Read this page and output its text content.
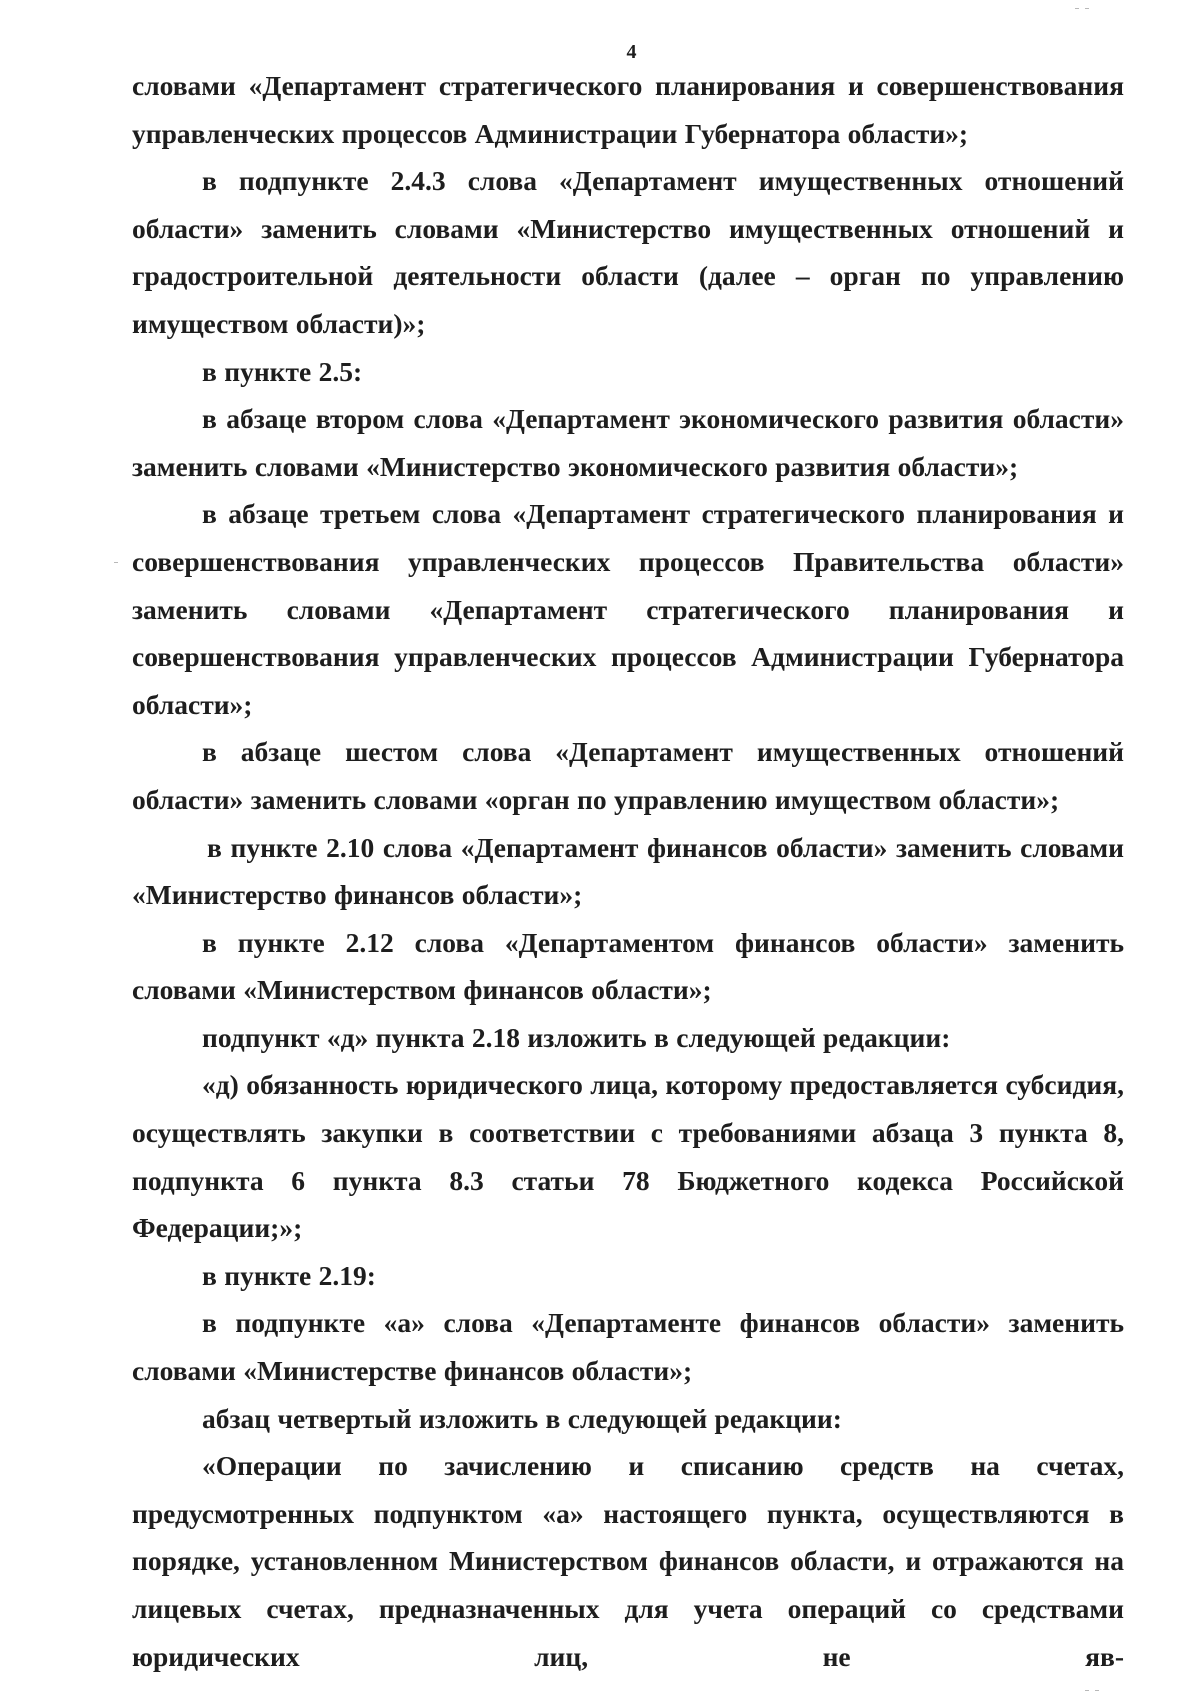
4

словами «Департамент стратегического планирования и совершенствования управленческих процессов Администрации Губернатора области»;

в подпункте 2.4.3 слова «Департамент имущественных отношений области» заменить словами «Министерство имущественных отношений и градостроительной деятельности области (далее – орган по управлению имуществом области)»;

в пункте 2.5:

в абзаце втором слова «Департамент экономического развития области» заменить словами «Министерство экономического развития области»;

в абзаце третьем слова «Департамент стратегического планирования и совершенствования управленческих процессов Правительства области» заменить словами «Департамент стратегического планирования и совершенствования управленческих процессов Администрации Губернатора области»;

в абзаце шестом слова «Департамент имущественных отношений области» заменить словами «орган по управлению имуществом области»;

в пункте 2.10 слова «Департамент финансов области» заменить словами «Министерство финансов области»;

в пункте 2.12 слова «Департаментом финансов области» заменить словами «Министерством финансов области»;

подпункт «д» пункта 2.18 изложить в следующей редакции:

«д) обязанность юридического лица, которому предоставляется субсидия, осуществлять закупки в соответствии с требованиями абзаца 3 пункта 8, подпункта 6 пункта 8.3 статьи 78 Бюджетного кодекса Российской Федерации;»;

в пункте 2.19:

в подпункте «а» слова «Департаменте финансов области» заменить словами «Министерстве финансов области»;

абзац четвертый изложить в следующей редакции:

«Операции по зачислению и списанию средств на счетах, предусмотренных подпунктом «а» настоящего пункта, осуществляются в порядке, установленном Министерством финансов области, и отражаются на лицевых счетах, предназначенных для учета операций со средствами юридических лиц, не яв-
